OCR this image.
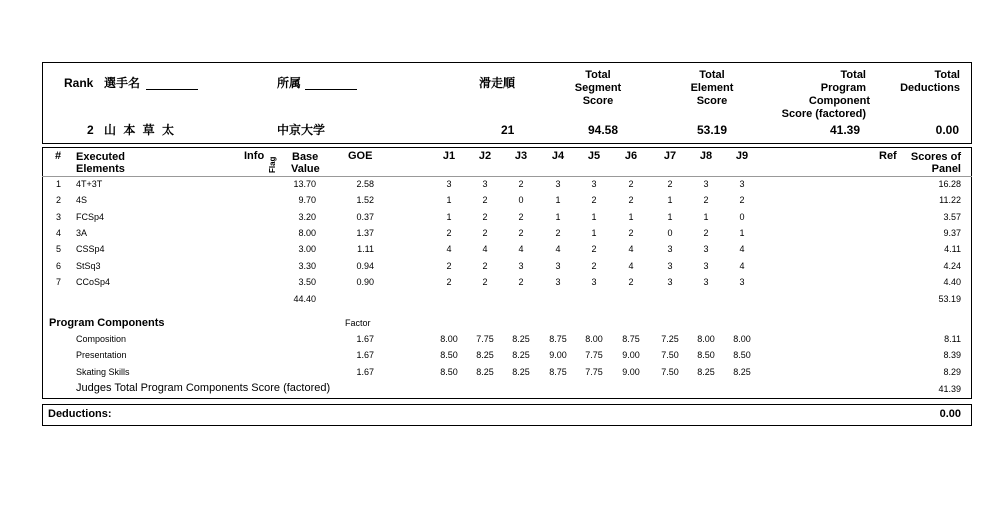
Rank 選手名	所属	滑走順
Total
Segment
Score
Total
Element
Score
Total
Program
Component
Score (factored)
Total
Deductions
2 山 本 草 太	中京大学	21	94.58	53.19	41.39	0.00
# Executed
Elements
Info
Flag Base
Value
GOE	J1	J2	J3	J4	J5	J6	J7	J8	J9	Ref	Scores of
Panel
1 4T+3T	13.70	2.58	3	3	2	3	3	2	2	3	3	16.28
2 4S	9.70	1.52	1	2	0	1	2	2	1	2	2	11.22
3 FCSp4	3.20	0.37	1	2	2	1	1	1	1	1	0	3.57
4 3A	8.00	1.37	2	2	2	2	1	2	0	2	1	9.37
5 CSSp4	3.00	1.11	4	4	4	4	2	4	3	3	4	4.11
6 StSq3	3.30	0.94	2	2	3	3	2	4	3	3	4	4.24
7 CCoSp4	3.50	0.90	2	2	2	3	3	2	3	3	3	4.40
44.40	53.19
Program Components	Factor
Composition	1.67	8.00	7.75	8.25	8.75	8.00	8.75	7.25	8.00	8.00	8.11
Presentation	1.67	8.50	8.25	8.25	9.00	7.75	9.00	7.50	8.50	8.50	8.39
Skating Skills	1.67	8.50	8.25	8.25	8.75	7.75	9.00	7.50	8.25	8.25	8.29
Judges Total Program Components Score (factored)	41.39
Deductions:	0.00
